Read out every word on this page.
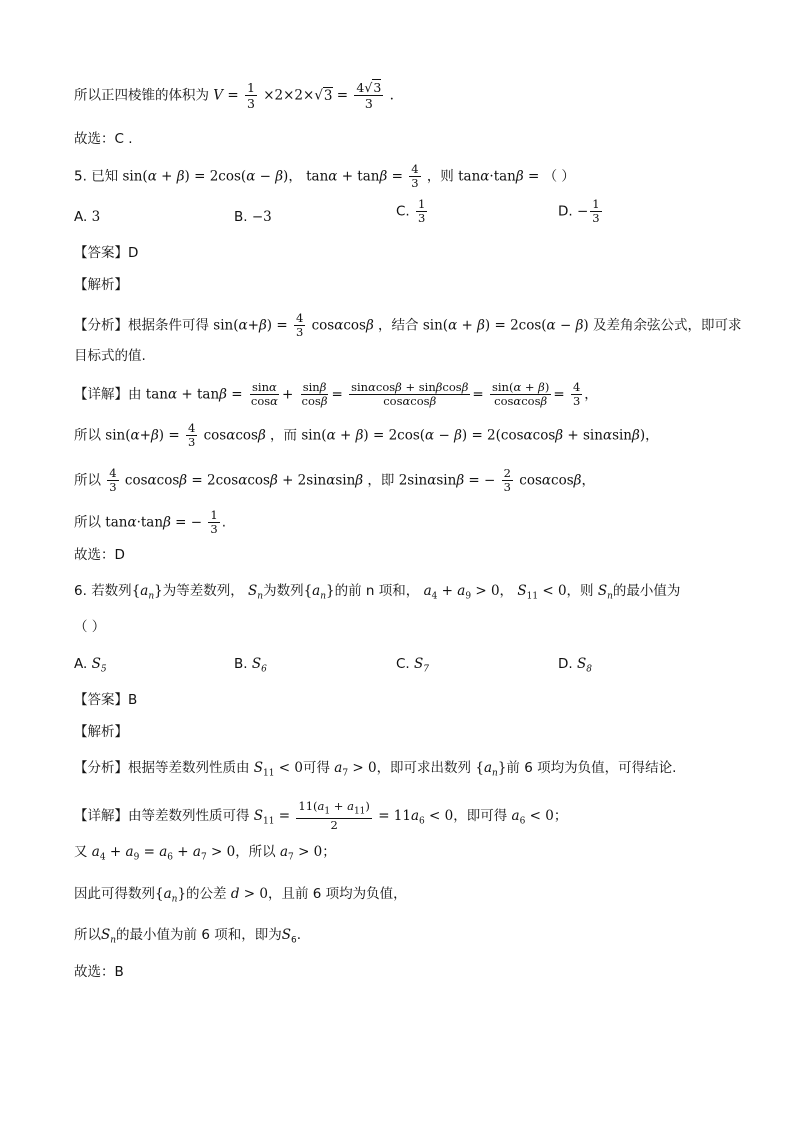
所以正四棱锥的体积为 $V = \frac{1}{3} \times 2\times 2\times√3 = \frac{4√3}{3}$ .
故选：C .
5. 已知 sin(α + β) = 2cos(α − β)， $\tan\alpha + \tan\beta = \frac{4}{3}$ ，则 tanα·tanβ = （ ）
A. 3	B. −3	C. $\frac{1}{3}$	D. − $\frac{1}{3}$
【答案】D
【解析】
【分析】根据条件可得 $\sin(\alpha+\beta) = \frac{4}{3}$ cosαcosβ ，结合 sin(α + β) = 2cos(α − β) 及差角余弦公式，即可求
目标式的值.
【详解】由 $\tan\alpha + \tan\beta = \frac{\sin\alpha}{\cos\alpha} + \frac{\sin\beta}{\cos\beta} = \frac{\sin\alpha\cos\beta + \sin\beta\cos\beta}{\cos\alpha\cos\beta} = \frac{\sin(\alpha + \beta)}{\cos\alpha\cos\beta} = \frac{4}{3}$ ，
所以 $\sin(\alpha+\beta) = \frac{4}{3}$ cosαcosβ ，而 sin(α + β) = 2cos(α − β) = 2(cosαcosβ + sinαsinβ)，
所以 $\frac{4}{3}$ cosαcosβ = 2cosαcosβ + 2sinαsinβ ，即 2sinαsinβ = − $\frac{2}{3}$ cosαcosβ，
所以 tanα·tanβ = − $\frac{1}{3}$ .
故选：D
6. 若数列$\{a_n\}$为等差数列， $S_n$为数列$\{a_n\}$的前 n 项和， $a_4 + a_9 > 0$， $S_{11} < 0$，则 $S_n$的最小值为
（ ）
A. $S_5$	B. $S_6$	C. $S_7$	D. $S_8$
【答案】B
【解析】
【分析】根据等差数列性质由 $S_{11} < 0$可得 $a_7 > 0$，即可求出数列 $\{a_n\}$前 6 项均为负值，可得结论.
【详解】由等差数列性质可得 $S_{11} = \frac{11(a_1 + a_{11})}{2} = 11a_6 < 0$，即可得 $a_6 < 0$；
又 $a_4 + a_9 = a_6 + a_7 > 0$，所以 $a_7 > 0$；
因此可得数列$\{a_n\}$的公差 d > 0，且前 6 项均为负值，
所以$S_n$的最小值为前 6 项和，即为$S_6$.
故选：B
